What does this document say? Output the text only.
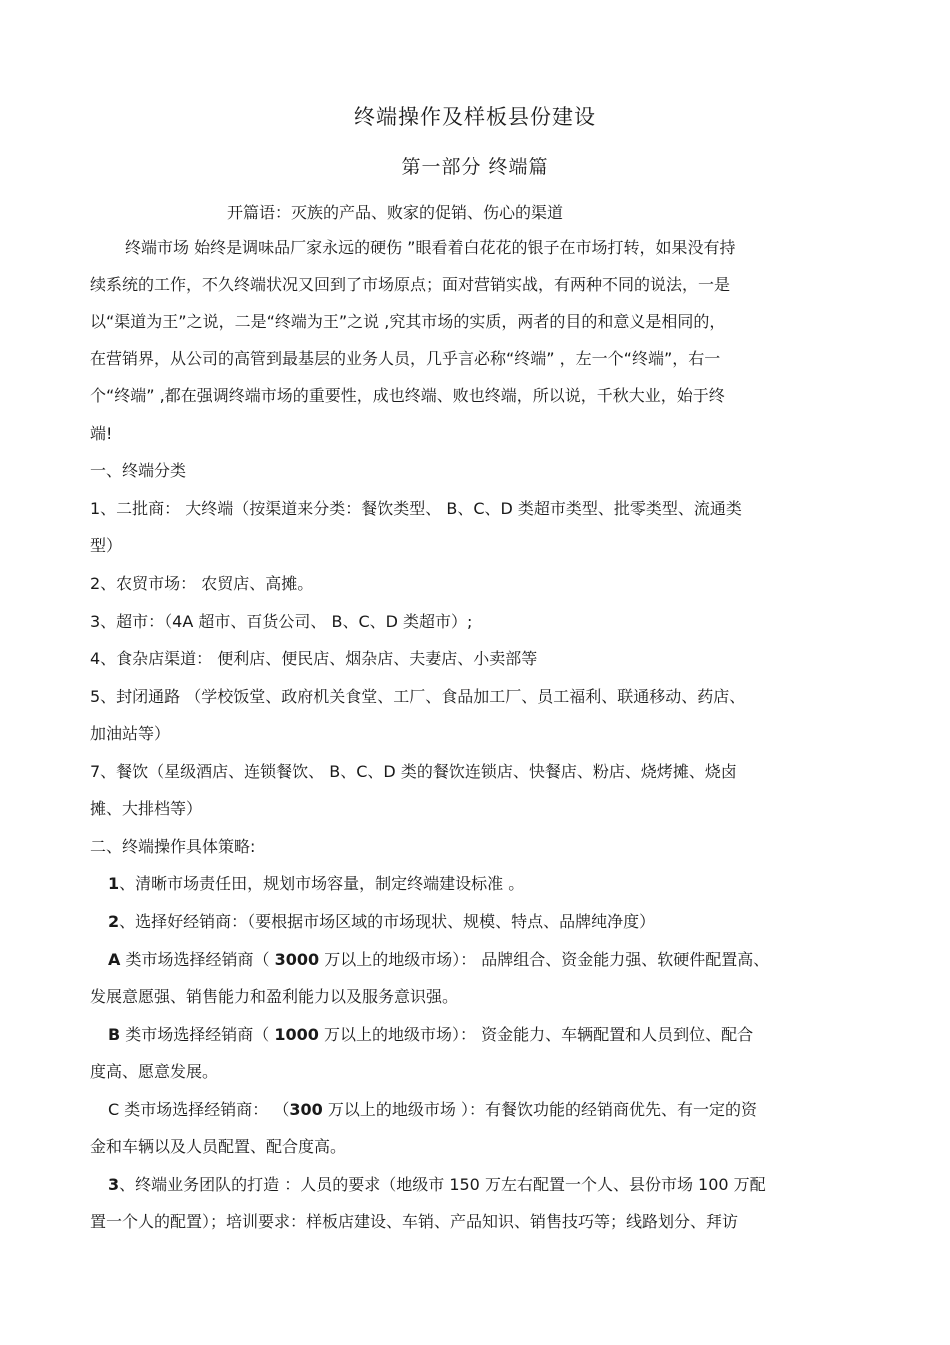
终端操作及样板县份建设
第一部分 终端篇
开篇语：灭族的产品、败家的促销、伤心的渠道
终端市场 始终是调味品厂家永远的硬伤 ”眼看着白花花的银子在市场打转，如果没有持
续系统的工作，不久终端状况又回到了市场原点；面对营销实战，有两种不同的说法，一是
以“渠道为王”之说，二是“终端为王”之说 ,究其市场的实质，两者的目的和意义是相同的，
在营销界，从公司的高管到最基层的业务人员，几乎言必称“终端” ，左一个“终端”，右一
个“终端” ,都在强调终端市场的重要性，成也终端、败也终端，所以说，千秋大业，始于终
端!
一、终端分类
1、二批商： 大终端（按渠道来分类：餐饮类型、 B、C、D 类超市类型、批零类型、流通类
型）
2、农贸市场： 农贸店、高摊。
3、超市：（4A 超市、百货公司、 B、C、D 类超市）;
4、食杂店渠道： 便利店、便民店、烟杂店、夫妻店、小卖部等
5、封闭通路 （学校饭堂、政府机关食堂、工厂、食品加工厂、员工福利、联通移动、药店、
加油站等）
7、餐饮（星级酒店、连锁餐饮、 B、C、D 类的餐饮连锁店、快餐店、粉店、烧烤摊、烧卤
摊、大排档等）
二、终端操作具体策略:
1、清晰市场责任田，规划市场容量，制定终端建设标准 。
2、选择好经销商：（要根据市场区域的市场现状、规模、特点、品牌纯净度）
A 类市场选择经销商（ 3000 万以上的地级市场）： 品牌组合、资金能力强、软硬件配置高、
发展意愿强、销售能力和盈利能力以及服务意识强。
B 类市场选择经销商（ 1000 万以上的地级市场）： 资金能力、车辆配置和人员到位、配合
度高、愿意发展。
C 类市场选择经销商： （300 万以上的地级市场 ）：有餐饮功能的经销商优先、有一定的资
金和车辆以及人员配置、配合度高。
3、终端业务团队的打造 ：人员的要求（地级市 150 万左右配置一个人、县份市场 100 万配
置一个人的配置）；培训要求：样板店建设、车销、产品知识、销售技巧等；线路划分、拜访
